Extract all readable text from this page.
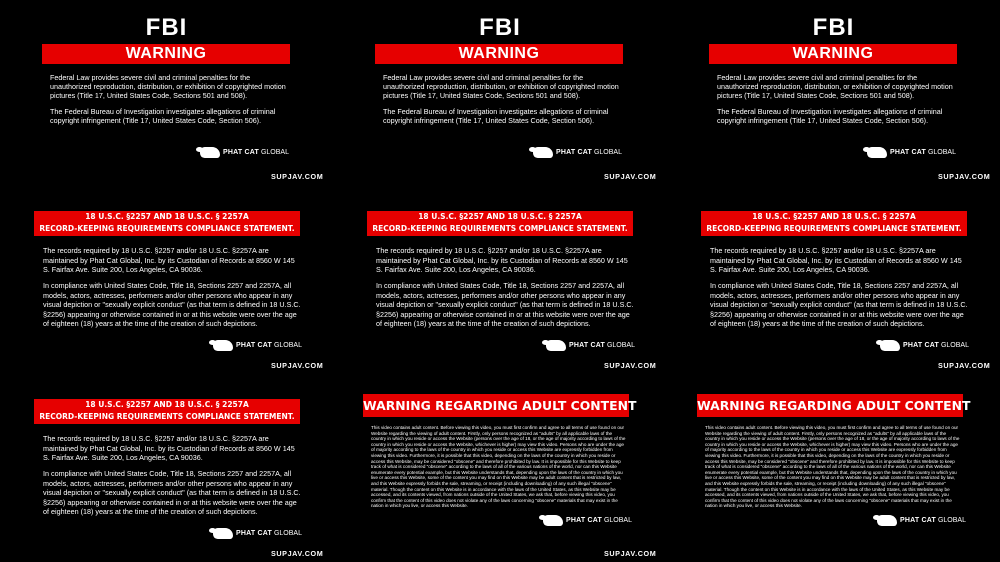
FBI
WARNING
Federal Law provides severe civil and criminal penalties for the unauthorized reproduction, distribution, or exhibition of copyrighted motion pictures (Title 17, United States Code, Sections 501 and 508).
The Federal Bureau of Investigation investigates allegations of criminal copyright infringement (Title 17, United States Code, Section 506).
PHAT CAT GLOBAL
SUPJAV.COM
FBI
WARNING
Federal Law provides severe civil and criminal penalties for the unauthorized reproduction, distribution, or exhibition of copyrighted motion pictures (Title 17, United States Code, Sections 501 and 508).
The Federal Bureau of Investigation investigates allegations of criminal copyright infringement (Title 17, United States Code, Section 506).
PHAT CAT GLOBAL
SUPJAV.COM
FBI
WARNING
Federal Law provides severe civil and criminal penalties for the unauthorized reproduction, distribution, or exhibition of copyrighted motion pictures (Title 17, United States Code, Sections 501 and 508).
The Federal Bureau of Investigation investigates allegations of criminal copyright infringement (Title 17, United States Code, Section 506).
PHAT CAT GLOBAL
SUPJAV.COM
18 U.S.C. §2257 AND 18 U.S.C. § 2257A
RECORD-KEEPING REQUIREMENTS COMPLIANCE STATEMENT.
The records required by 18 U.S.C. §2257 and/or 18 U.S.C. §2257A are maintained by Phat Cat Global, Inc. by its Custodian of Records at 8560 W 145 S. Fairfax Ave. Suite 200, Los Angeles, CA 90036.
In compliance with United States Code, Title 18, Sections 2257 and 2257A, all models, actors, actresses, performers and/or other persons who appear in any visual depiction or "sexually explicit conduct" (as that term is defined in 18 U.S.C. §2256) appearing or otherwise contained in or at this website were over the age of eighteen (18) years at the time of the creation of such depictions.
PHAT CAT GLOBAL
SUPJAV.COM
18 U.S.C. §2257 AND 18 U.S.C. § 2257A
RECORD-KEEPING REQUIREMENTS COMPLIANCE STATEMENT.
The records required by 18 U.S.C. §2257 and/or 18 U.S.C. §2257A are maintained by Phat Cat Global, Inc. by its Custodian of Records at 8560 W 145 S. Fairfax Ave. Suite 200, Los Angeles, CA 90036.
In compliance with United States Code, Title 18, Sections 2257 and 2257A, all models, actors, actresses, performers and/or other persons who appear in any visual depiction or "sexually explicit conduct" (as that term is defined in 18 U.S.C. §2256) appearing or otherwise contained in or at this website were over the age of eighteen (18) years at the time of the creation of such depictions.
PHAT CAT GLOBAL
SUPJAV.COM
18 U.S.C. §2257 AND 18 U.S.C. § 2257A
RECORD-KEEPING REQUIREMENTS COMPLIANCE STATEMENT.
The records required by 18 U.S.C. §2257 and/or 18 U.S.C. §2257A are maintained by Phat Cat Global, Inc. by its Custodian of Records at 8560 W 145 S. Fairfax Ave. Suite 200, Los Angeles, CA 90036.
In compliance with United States Code, Title 18, Sections 2257 and 2257A, all models, actors, actresses, performers and/or other persons who appear in any visual depiction or "sexually explicit conduct" (as that term is defined in 18 U.S.C. §2256) appearing or otherwise contained in or at this website were over the age of eighteen (18) years at the time of the creation of such depictions.
PHAT CAT GLOBAL
SUPJAV.COM
18 U.S.C. §2257 AND 18 U.S.C. § 2257A
RECORD-KEEPING REQUIREMENTS COMPLIANCE STATEMENT.
The records required by 18 U.S.C. §2257 and/or 18 U.S.C. §2257A are maintained by Phat Cat Global, Inc. by its Custodian of Records at 8560 W 145 S. Fairfax Ave. Suite 200, Los Angeles, CA 90036.
In compliance with United States Code, Title 18, Sections 2257 and 2257A, all models, actors, actresses, performers and/or other persons who appear in any visual depiction or "sexually explicit conduct" (as that term is defined in 18 U.S.C. §2256) appearing or otherwise contained in or at this website were over the age of eighteen (18) years at the time of the creation of such depictions.
PHAT CAT GLOBAL
SUPJAV.COM
WARNING REGARDING ADULT CONTENT
This video contains adult content. Before viewing this video, you must first confirm and agree to all terms of use found on our Website regarding the viewing of adult content. Firstly, only persons recognized as "adults" by all applicable laws of the country in which you reside or access the Website (persons over the age of 18, or the age of majority according to laws of the country in which you reside or access the Website, whichever is higher) may view this video. Persons who are under the age of majority according to the laws of the country in which you reside or access this Website are expressly forbidden from viewing this video. Furthermore, it is possible that this video, depending on the laws of the country in which you reside or access this Website, may be considered "obscene" and therefore prohibited by law. It is impossible for this Website to keep track of what is considered "obscene" according to the laws of all of the various nations of the world, nor can this Website enumerate every potential example, but this Website understands that, depending upon the laws of the country in which you live or access this Website, some of the content you may find on this Website may be adult content that is restricted by law, and this Website expressly forbids the sale, streaming, or receipt (including downloading) of any such illegal "obscene" material. Though the content on this Website is in accordance with the laws of the United States, as this Website may be accessed, and its contents viewed, from nations outside of the United States, we ask that, before viewing this video, you confirm that the content of this video does not violate any of the laws concerning "obscene" materials that may exist in the nation in which you live, or access this Website.
PHAT CAT GLOBAL
SUPJAV.COM
WARNING REGARDING ADULT CONTENT
This video contains adult content. Before viewing this video, you must first confirm and agree to all terms of use found on our Website regarding the viewing of adult content. Firstly, only persons recognized as "adults" by all applicable laws of the country in which you reside or access the Website (persons over the age of 18, or the age of majority according to laws of the country in which you reside or access the Website, whichever is higher) may view this video. Persons who are under the age of majority according to the laws of the country in which you reside or access this Website are expressly forbidden from viewing this video. Furthermore, it is possible that this video, depending on the laws of the country in which you reside or access this Website, may be considered "obscene" and therefore prohibited by law. It is impossible for this Website to keep track of what is considered "obscene" according to the laws of all of the various nations of the world, nor can this Website enumerate every potential example, but this Website understands that, depending upon the laws of the country in which you live or access this Website, some of the content you may find on this Website may be adult content that is restricted by law, and this Website expressly forbids the sale, streaming, or receipt (including downloading) of any such illegal "obscene" material. Though the content on this Website is in accordance with the laws of the United States, as this Website may be accessed, and its contents viewed, from nations outside of the United States, we ask that, before viewing this video, you confirm that the content of this video does not violate any of the laws concerning "obscene" materials that may exist in the nation in which you live, or access this Website.
PHAT CAT GLOBAL
